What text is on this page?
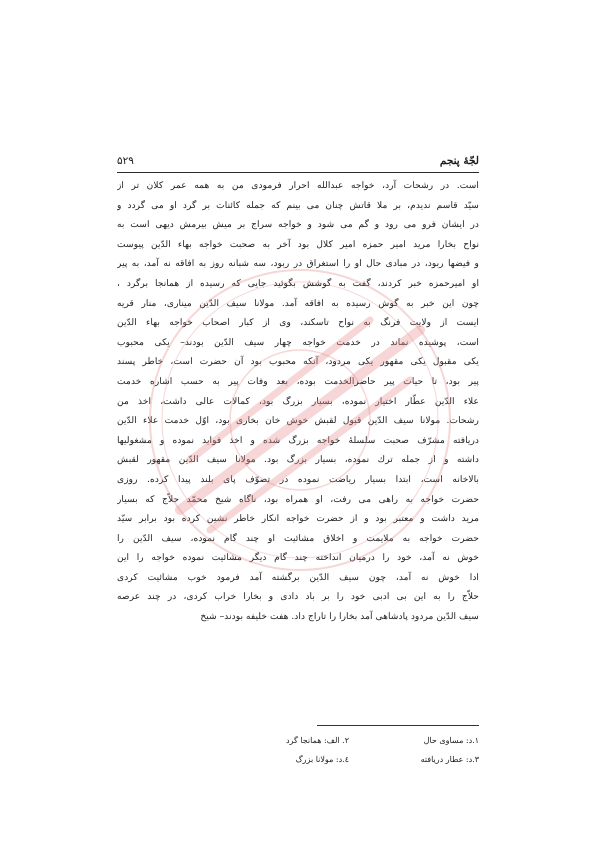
لجّهٔ پنجم
۵۲۹
است. در رشحات آرد، خواجه عبدالله احرار فرمودی من به همه عمر کلان تر از
سیّد قاسم ندیدم، بر ملا قاتش چنان می بینم که جمله کائنات بر گرد او می گردد و
در ایشان فرو می رود و گم می شود و خواجه سراج بر میش بیرمش دیهی است به
نواح بخارا مرید امیر حمزه امیر کلال بود آخر به صحبت خواجه بهاء الدّین پیوست
و فیضها ربود، در مبادی حال او را استغراق در ربود، سه شبانه روز به افاقه نه آمد، به پیر
او امیرحمزه خبر کردند، گفت به گوشش بگوئید جایی که رسیده از همانجا برگرد ،
چون این خبر به گوش رسیده به افاقه آمد. مولانا سیف الدّین میناری، منار قریه
ایست از ولایت فرنگ به نواح تاسکند، وی از کبار اصحاب خواجه بهاء الدّین
است، پوشیده نماند در خدمت خواجه چهار سیف الدّین بودند– یکی محبوب
یکی مقبول یکی مقهور یکی مردود، آنکه محبوب بود آن حضرت است، خاطر پسند
پیر بود، تا حیات پیر حاضرالخدمت بوده، بعد وفات پیر به حسب اشاره خدمت
علاء الدّین عطّار اختیار نموده، بسیار بزرگ بود، کمالات عالی داشت، اخذ من
رشحات. مولانا سیف الدّین قبول لقبش خوش خان بخاری بود، اوّل خدمت علاء الدّین
دریافته مشرّف صحبت سلسلهٔ خواجه بزرگ شده و اخذ فواید نموده و مشغولیها
داشته و از جمله ترك نموده، بسیار بزرگ بود. مولانا سیف الدّین مقهور لقبش
بالاخانه است، ابتدا بسیار ریاضت نموده در تصوّف پای بلند پیدا کرده. روزی
حضرت خواجه به راهی می رفت، او همراه بود، ناگاه شیخ محمّد حلاّج که بسیار
مرید داشت و معتبر بود و از حضرت خواجه انکار خاطر نشین کرده بود برابر سیّد
حضرت خواجه به ملایمت و اخلاق مشائیت او چند گام نموده، سیف الدّین را
خوش نه آمد، خود را درمیان انداخته چند گام دیگر مشائیت نموده خواجه را این
ادا خوش نه آمد، چون سیف الدّین برگشته آمد فرمود خوب مشائیت کردی
حلاّج را به این بی ادبی خود را بر باد دادی و بخارا خراب کردی، در چند عرصه
سیف الدّین مردود پادشاهی آمد بخارا را تاراج داد. هفت خلیفه بودند– شیخ
۱.د: مساوی حال
۲. الف: همانجا گرد
۳.د: عطار دریافته
٤.د: مولانا بزرگ
